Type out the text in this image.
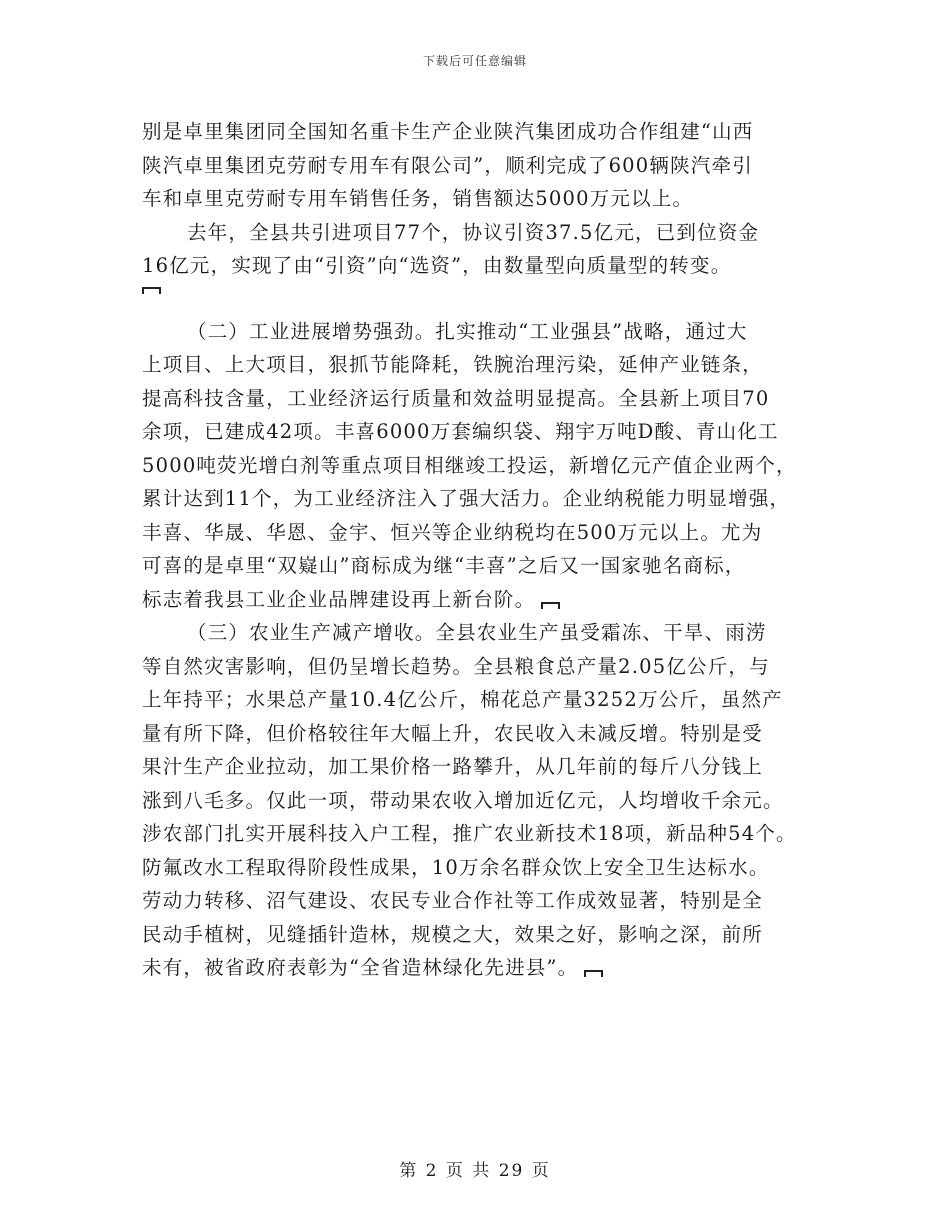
下载后可任意编辑
别是卓里集团同全国知名重卡生产企业陕汽集团成功合作组建“山西
陕汽卓里集团克劳耐专用车有限公司”，顺利完成了600辆陕汽牵引
车和卓里克劳耐专用车销售任务，销售额达5000万元以上。
去年，全县共引进项目77个，协议引资37.5亿元，已到位资金
16亿元，实现了由“引资”向“选资”，由数量型向质量型的转变。
（二）工业进展增势强劲。扎实推动“工业强县”战略，通过大
上项目、上大项目，狠抓节能降耗，铁腕治理污染，延伸产业链条，
提高科技含量，工业经济运行质量和效益明显提高。全县新上项目70
余项，已建成42项。丰喜6000万套编织袋、翔宇万吨D酸、青山化工
5000吨荧光增白剂等重点项目相继竣工投运，新增亿元产值企业两个，
累计达到11个，为工业经济注入了强大活力。企业纳税能力明显增强，
丰喜、华晟、华恩、金宇、恒兴等企业纳税均在500万元以上。尤为
可喜的是卓里“双嶷山”商标成为继“丰喜”之后又一国家驰名商标，
标志着我县工业企业品牌建设再上新台阶。
（三）农业生产减产增收。全县农业生产虽受霜冻、干旱、雨涝
等自然灾害影响，但仍呈增长趋势。全县粮食总产量2.05亿公斤，与
上年持平；水果总产量10.4亿公斤，棉花总产量3252万公斤，虽然产
量有所下降，但价格较往年大幅上升，农民收入未减反增。特别是受
果汁生产企业拉动，加工果价格一路攀升，从几年前的每斤八分钱上
涨到八毛多。仅此一项，带动果农收入增加近亿元，人均增收千余元。
涉农部门扎实开展科技入户工程，推广农业新技术18项，新品种54个。
防氟改水工程取得阶段性成果，10万余名群众饮上安全卫生达标水。
劳动力转移、沼气建设、农民专业合作社等工作成效显著，特别是全
民动手植树，见缝插针造林，规模之大，效果之好，影响之深，前所
未有，被省政府表彰为“全省造林绿化先进县”。
第 2 页 共 29 页
